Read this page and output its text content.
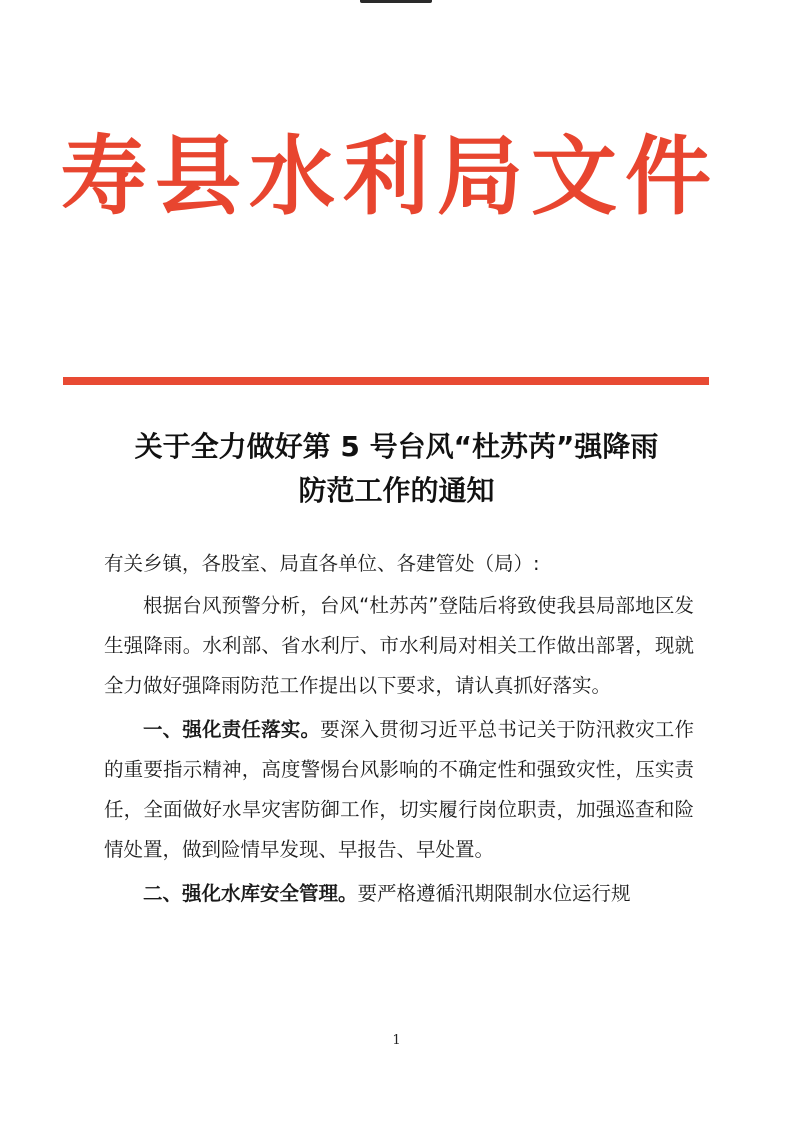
寿县水利局文件
关于全力做好第 5 号台风“杜苏芮”强降雨
防范工作的通知

有关乡镇，各股室、局直各单位、各建管处（局）:

根据台风预警分析，台风“杜苏芮”登陆后将致使我县局部地区发生强降雨。水利部、省水利厅、市水利局对相关工作做出部署，现就全力做好强降雨防范工作提出以下要求，请认真抓好落实。

一、强化责任落实。要深入贯彻习近平总书记关于防汛救灾工作的重要指示精神，高度警惕台风影响的不确定性和强致灾性，压实责任，全面做好水旱灾害防御工作，切实履行岗位职责，加强巡查和险情处置，做到险情早发现、早报告、早处置。

二、强化水库安全管理。要严格遵循汛期限制水位运行规

1
